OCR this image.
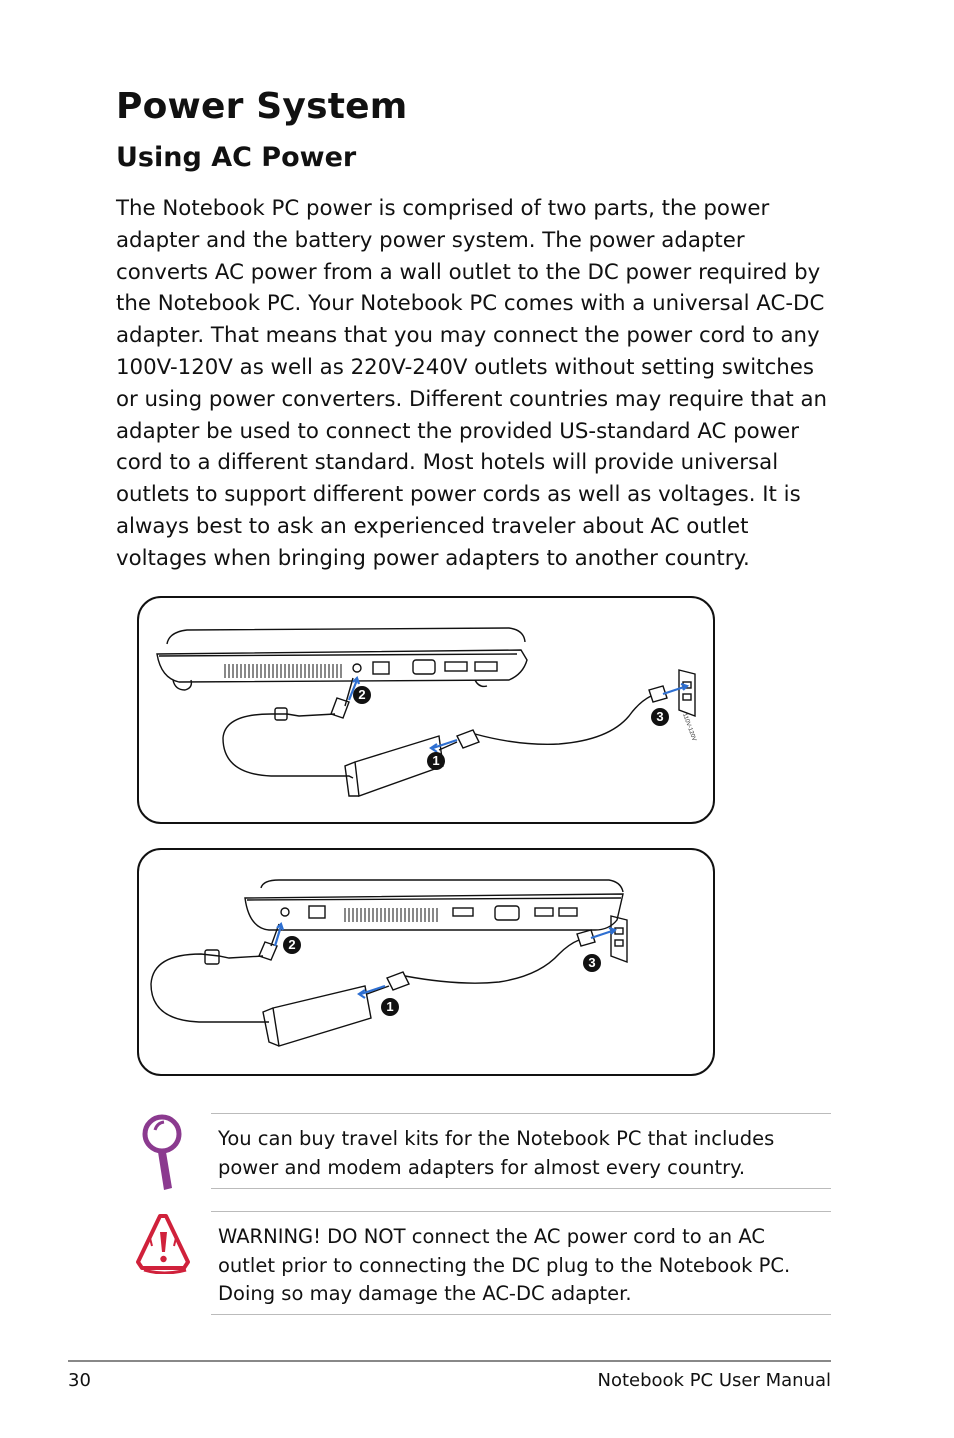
Power System
Using AC Power

The Notebook PC power is comprised of two parts, the power adapter and the battery power system. The power adapter converts AC power from a wall outlet to the DC power required by the Notebook PC. Your Notebook PC comes with a universal AC-DC adapter. That means that you may connect the power cord to any 100V-120V as well as 220V-240V outlets without setting switches or using power converters. Different countries may require that an adapter be used to connect the provided US-standard AC power cord to a different standard. Most hotels will provide universal outlets to support different power cords as well as voltages. It is always best to ask an experienced traveler about AC outlet voltages when bringing power adapters to another country.

110V-120V
2
3
1
2
3
1

You can buy travel kits for the Notebook PC that includes power and modem adapters for almost every country.

WARNING! DO NOT connect the AC power cord to an AC outlet prior to connecting the DC plug to the Notebook PC. Doing so may damage the AC-DC adapter.

30	Notebook PC User Manual
